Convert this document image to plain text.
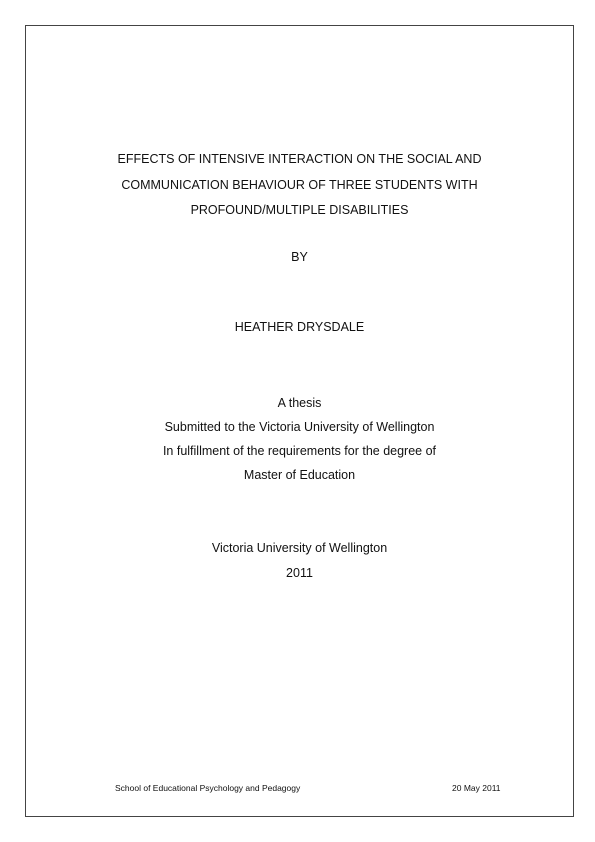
EFFECTS OF INTENSIVE INTERACTION ON THE SOCIAL AND
COMMUNICATION BEHAVIOUR OF THREE STUDENTS WITH
PROFOUND/MULTIPLE DISABILITIES
BY
HEATHER DRYSDALE
A thesis
Submitted to the Victoria University of Wellington
In fulfillment of the requirements for the degree of
Master of Education
Victoria University of Wellington
2011
School of Educational Psychology and Pedagogy	20 May 2011
